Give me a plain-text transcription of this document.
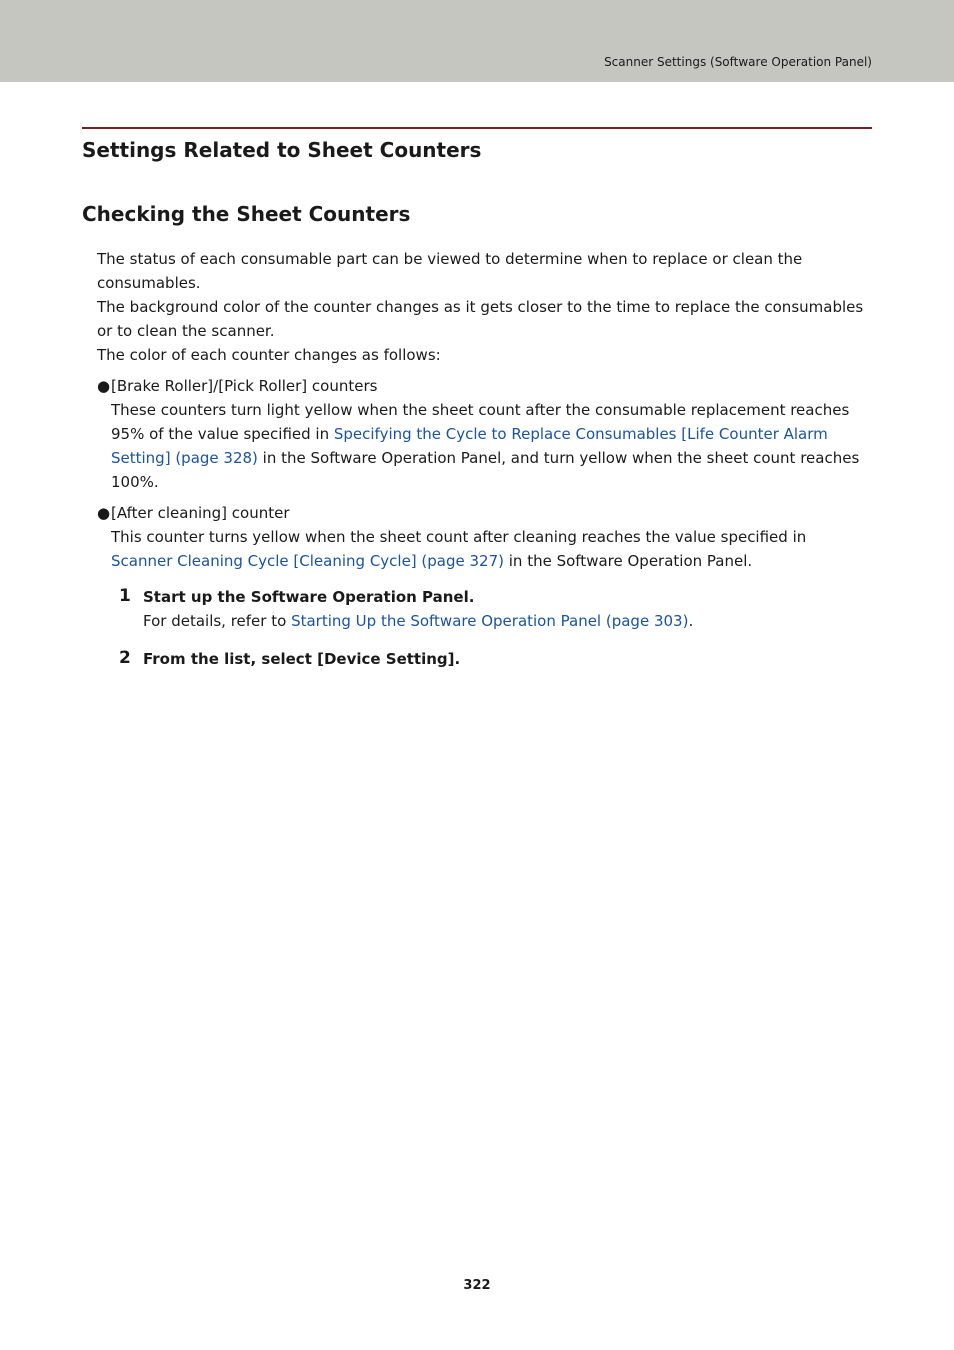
Scanner Settings (Software Operation Panel)
Settings Related to Sheet Counters
Checking the Sheet Counters

The status of each consumable part can be viewed to determine when to replace or clean the consumables.

The background color of the counter changes as it gets closer to the time to replace the consumables or to clean the scanner.

The color of each counter changes as follows:

●[Brake Roller]/[Pick Roller] counters
These counters turn light yellow when the sheet count after the consumable replacement reaches 95% of the value specified in Specifying the Cycle to Replace Consumables [Life Counter Alarm Setting] (page 328) in the Software Operation Panel, and turn yellow when the sheet count reaches 100%.
●[After cleaning] counter
This counter turns yellow when the sheet count after cleaning reaches the value specified in Scanner Cleaning Cycle [Cleaning Cycle] (page 327) in the Software Operation Panel.
1 Start up the Software Operation Panel.
For details, refer to Starting Up the Software Operation Panel (page 303).
2 From the list, select [Device Setting].
322
